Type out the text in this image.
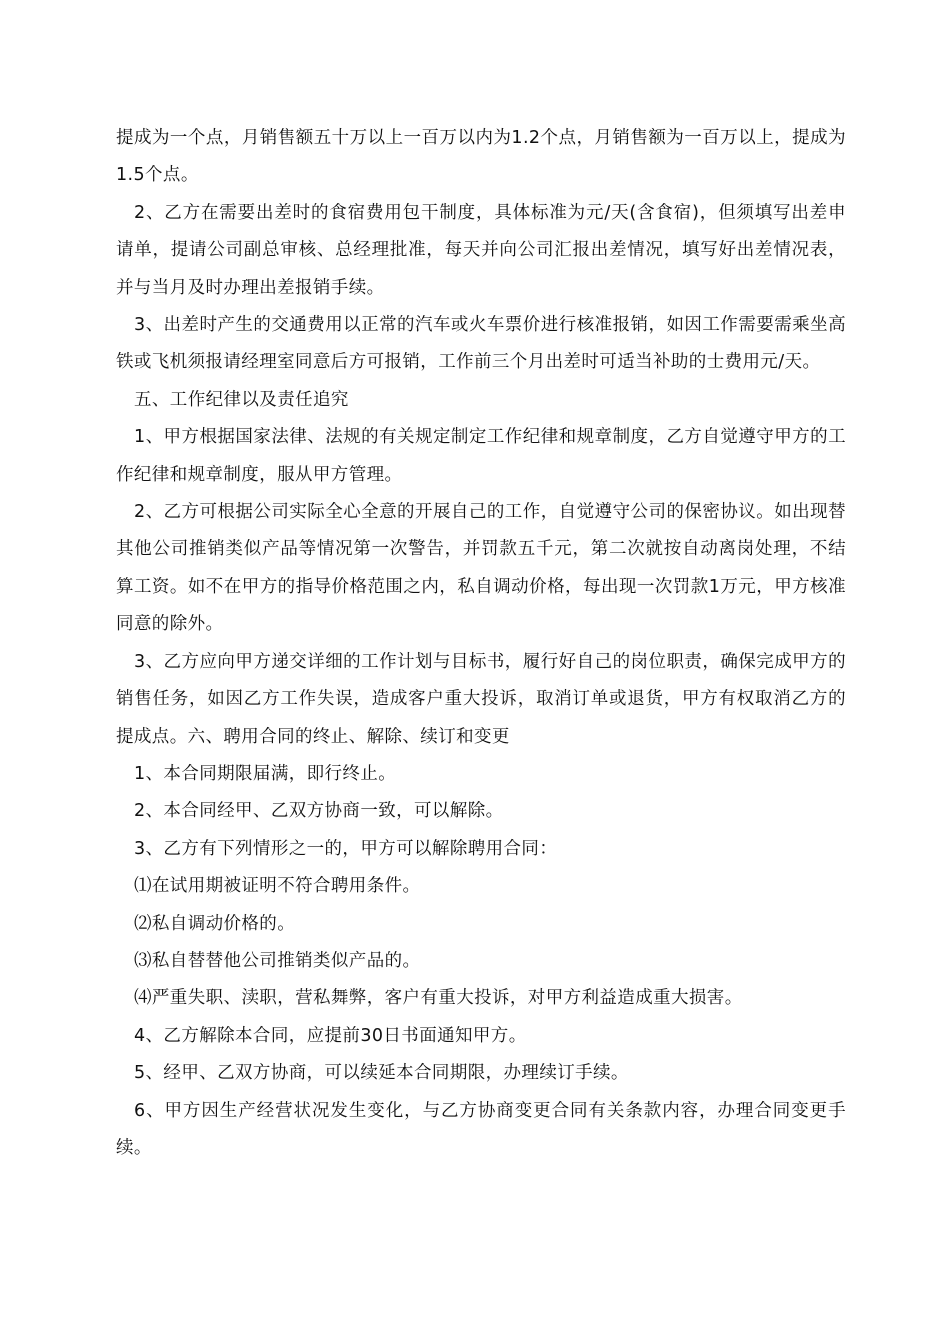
提成为一个点，月销售额五十万以上一百万以内为1.2个点，月销售额为一百万以上，提成为1.5个点。

2、乙方在需要出差时的食宿费用包干制度，具体标准为元/天(含食宿)，但须填写出差申请单，提请公司副总审核、总经理批准，每天并向公司汇报出差情况，填写好出差情况表，并与当月及时办理出差报销手续。

3、出差时产生的交通费用以正常的汽车或火车票价进行核准报销，如因工作需要需乘坐高铁或飞机须报请经理室同意后方可报销，工作前三个月出差时可适当补助的士费用元/天。

五、工作纪律以及责任追究

1、甲方根据国家法律、法规的有关规定制定工作纪律和规章制度，乙方自觉遵守甲方的工作纪律和规章制度，服从甲方管理。

2、乙方可根据公司实际全心全意的开展自己的工作，自觉遵守公司的保密协议。如出现替其他公司推销类似产品等情况第一次警告，并罚款五千元，第二次就按自动离岗处理，不结算工资。如不在甲方的指导价格范围之内，私自调动价格，每出现一次罚款1万元，甲方核准同意的除外。

3、乙方应向甲方递交详细的工作计划与目标书，履行好自己的岗位职责，确保完成甲方的销售任务，如因乙方工作失误，造成客户重大投诉，取消订单或退货，甲方有权取消乙方的提成点。六、聘用合同的终止、解除、续订和变更

1、本合同期限届满，即行终止。

2、本合同经甲、乙双方协商一致，可以解除。

3、乙方有下列情形之一的，甲方可以解除聘用合同：

⑴在试用期被证明不符合聘用条件。

⑵私自调动价格的。

⑶私自替替他公司推销类似产品的。

⑷严重失职、渎职，营私舞弊，客户有重大投诉，对甲方利益造成重大损害。

4、乙方解除本合同，应提前30日书面通知甲方。

5、经甲、乙双方协商，可以续延本合同期限，办理续订手续。

6、甲方因生产经营状况发生变化，与乙方协商变更合同有关条款内容，办理合同变更手续。
